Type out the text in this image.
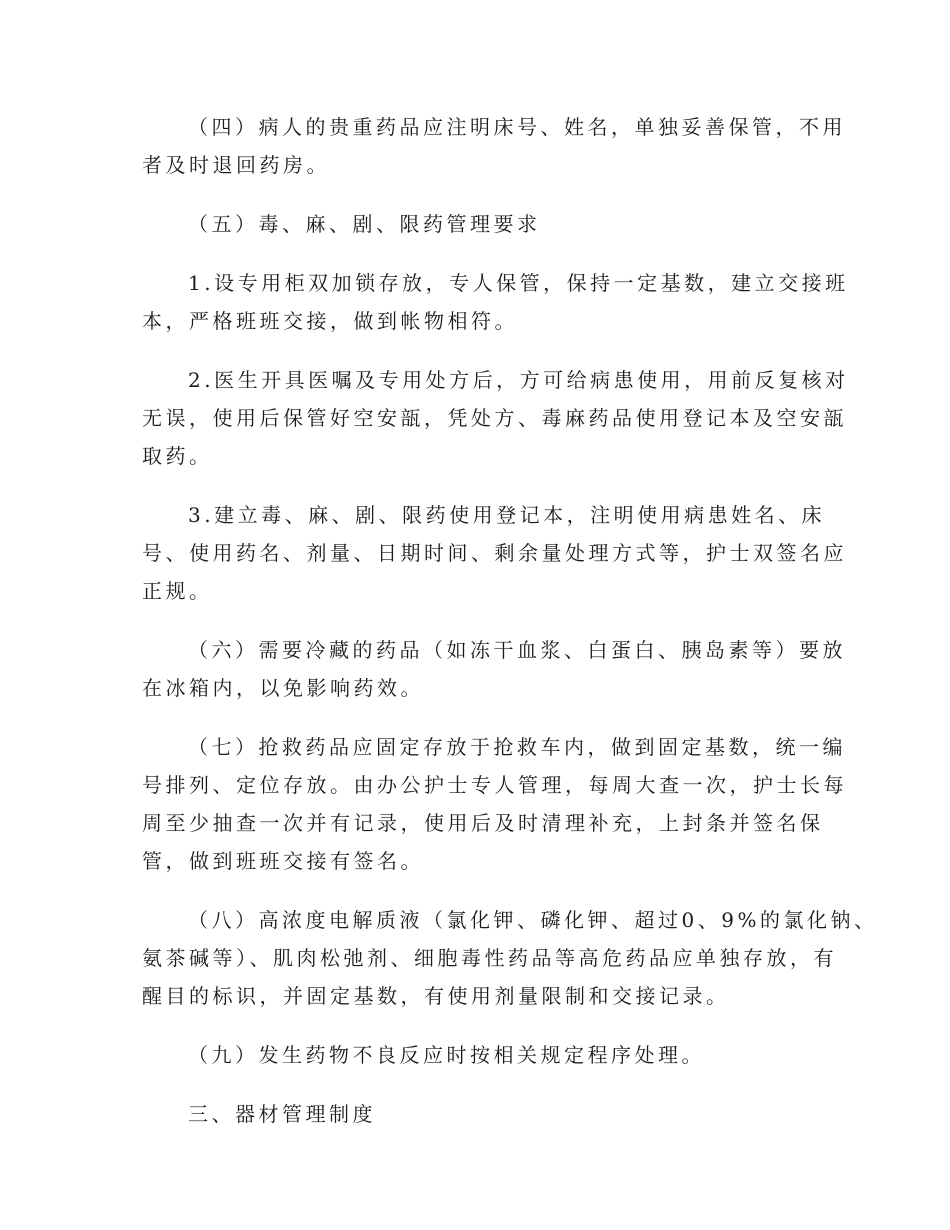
（四）病人的贵重药品应注明床号、姓名，单独妥善保管，不用
者及时退回药房。

（五）毒、麻、剧、限药管理要求

1.设专用柜双加锁存放，专人保管，保持一定基数，建立交接班
本，严格班班交接，做到帐物相符。

2.医生开具医嘱及专用处方后，方可给病患使用，用前反复核对
无误，使用后保管好空安瓿，凭处方、毒麻药品使用登记本及空安瓿
取药。

3.建立毒、麻、剧、限药使用登记本，注明使用病患姓名、床
号、使用药名、剂量、日期时间、剩余量处理方式等，护士双签名应
正规。

（六）需要冷藏的药品（如冻干血浆、白蛋白、胰岛素等）要放
在冰箱内，以免影响药效。

（七）抢救药品应固定存放于抢救车内，做到固定基数，统一编
号排列、定位存放。由办公护士专人管理，每周大查一次，护士长每
周至少抽查一次并有记录，使用后及时清理补充，上封条并签名保
管，做到班班交接有签名。

（八）高浓度电解质液（氯化钾、磷化钾、超过0、9%的氯化钠、
氨茶碱等）、肌肉松弛剂、细胞毒性药品等高危药品应单独存放，有
醒目的标识，并固定基数，有使用剂量限制和交接记录。

（九）发生药物不良反应时按相关规定程序处理。

三、器材管理制度
